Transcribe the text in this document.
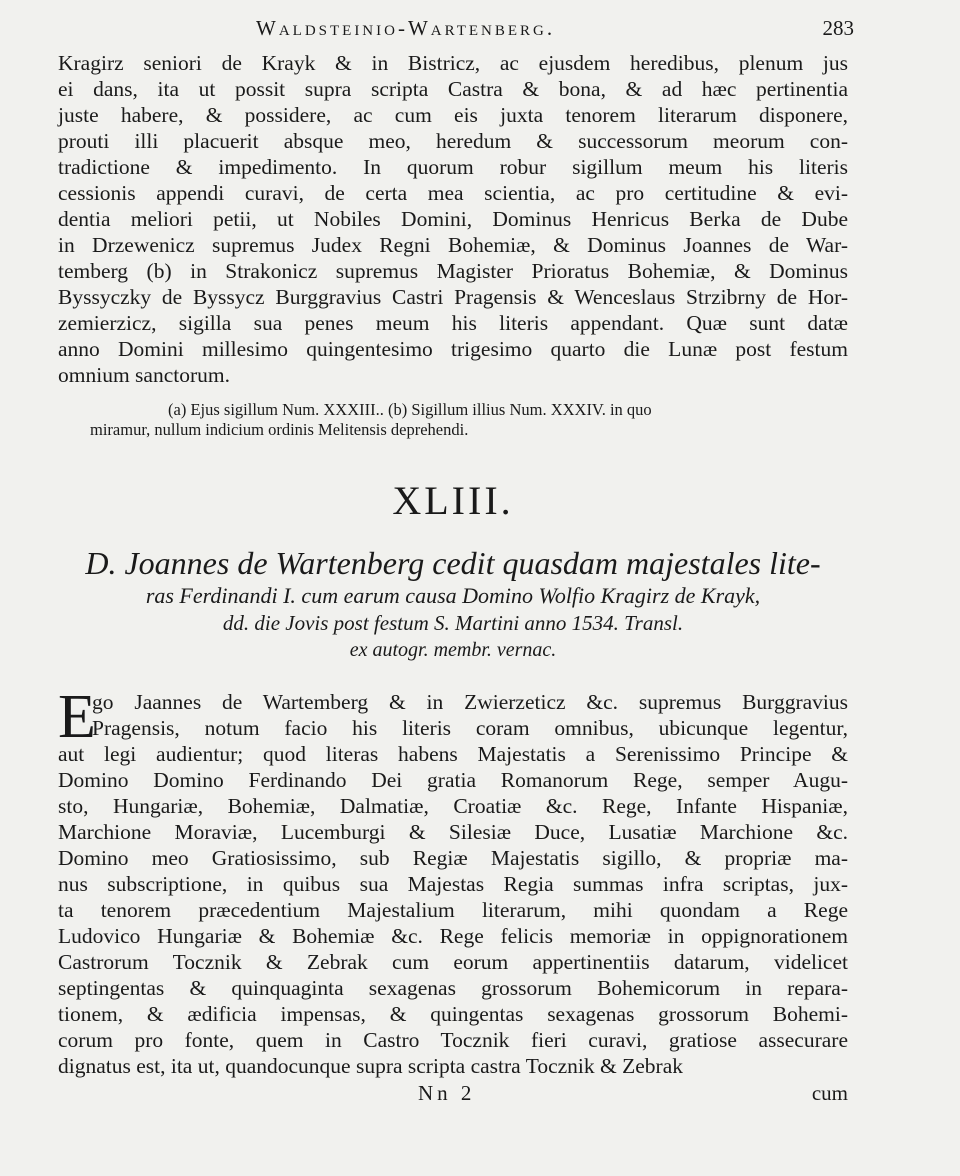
Waldsteinio-Wartenberg.	283
Kragirz seniori de Krayk & in Bistricz, ac ejusdem heredibus, plenum jus
ei dans, ita ut possit supra scripta Castra & bona, & ad hæc pertinentia
juste habere, & possidere, ac cum eis juxta tenorem literarum disponere,
prouti illi placuerit absque meo, heredum & successorum meorum con-
tradictione & impedimento. In quorum robur sigillum meum his literis
cessionis appendi curavi, de certa mea scientia, ac pro certitudine & evi-
dentia meliori petii, ut Nobiles Domini, Dominus Henricus Berka de Dube
in Drzewenicz supremus Judex Regni Bohemiæ, & Dominus Joannes de War-
temberg (b) in Strakonicz supremus Magister Prioratus Bohemiæ, & Dominus
Byssyczky de Byssycz Burggravius Castri Pragensis & Wenceslaus Strzibrny de Hor-
zemierzicz, sigilla sua penes meum his literis appendant. Quæ sunt datæ
anno Domini millesimo quingentesimo trigesimo quarto die Lunæ post festum
omnium sanctorum.
(a) Ejus sigillum Num. XXXIII.. (b) Sigillum illius Num. XXXIV. in quo
miramur, nullum indicium ordinis Melitensis deprehendi.
XLIII.
D. Joannes de Wartenberg cedit quasdam majestales lite-
ras Ferdinandi I. cum earum causa Domino Wolfio Kragirz de Krayk,
dd. die Jovis post festum S. Martini anno 1534. Transl.
ex autogr. membr. vernac.
E
go Jaannes de Wartemberg & in Zwierzeticz &c. supremus Burggravius
Pragensis, notum facio his literis coram omnibus, ubicunque legentur,
aut legi audientur; quod literas habens Majestatis a Serenissimo Principe &
Domino Domino Ferdinando Dei gratia Romanorum Rege, semper Augu-
sto, Hungariæ, Bohemiæ, Dalmatiæ, Croatiæ &c. Rege, Infante Hispaniæ,
Marchione Moraviæ, Lucemburgi & Silesiæ Duce, Lusatiæ Marchione &c.
Domino meo Gratiosissimo, sub Regiæ Majestatis sigillo, & propriæ ma-
nus subscriptione, in quibus sua Majestas Regia summas infra scriptas, jux-
ta tenorem præcedentium Majestalium literarum, mihi quondam a Rege
Ludovico Hungariæ & Bohemiæ &c. Rege felicis memoriæ in oppignorationem
Castrorum Tocznik & Zebrak cum eorum appertinentiis datarum, videlicet
septingentas & quinquaginta sexagenas grossorum Bohemicorum in repara-
tionem, & ædificia impensas, & quingentas sexagenas grossorum Bohemi-
corum pro fonte, quem in Castro Tocznik fieri curavi, gratiose assecurare
dignatus est, ita ut, quandocunque supra scripta castra Tocznik & Zebrak
Nn 2	cum
